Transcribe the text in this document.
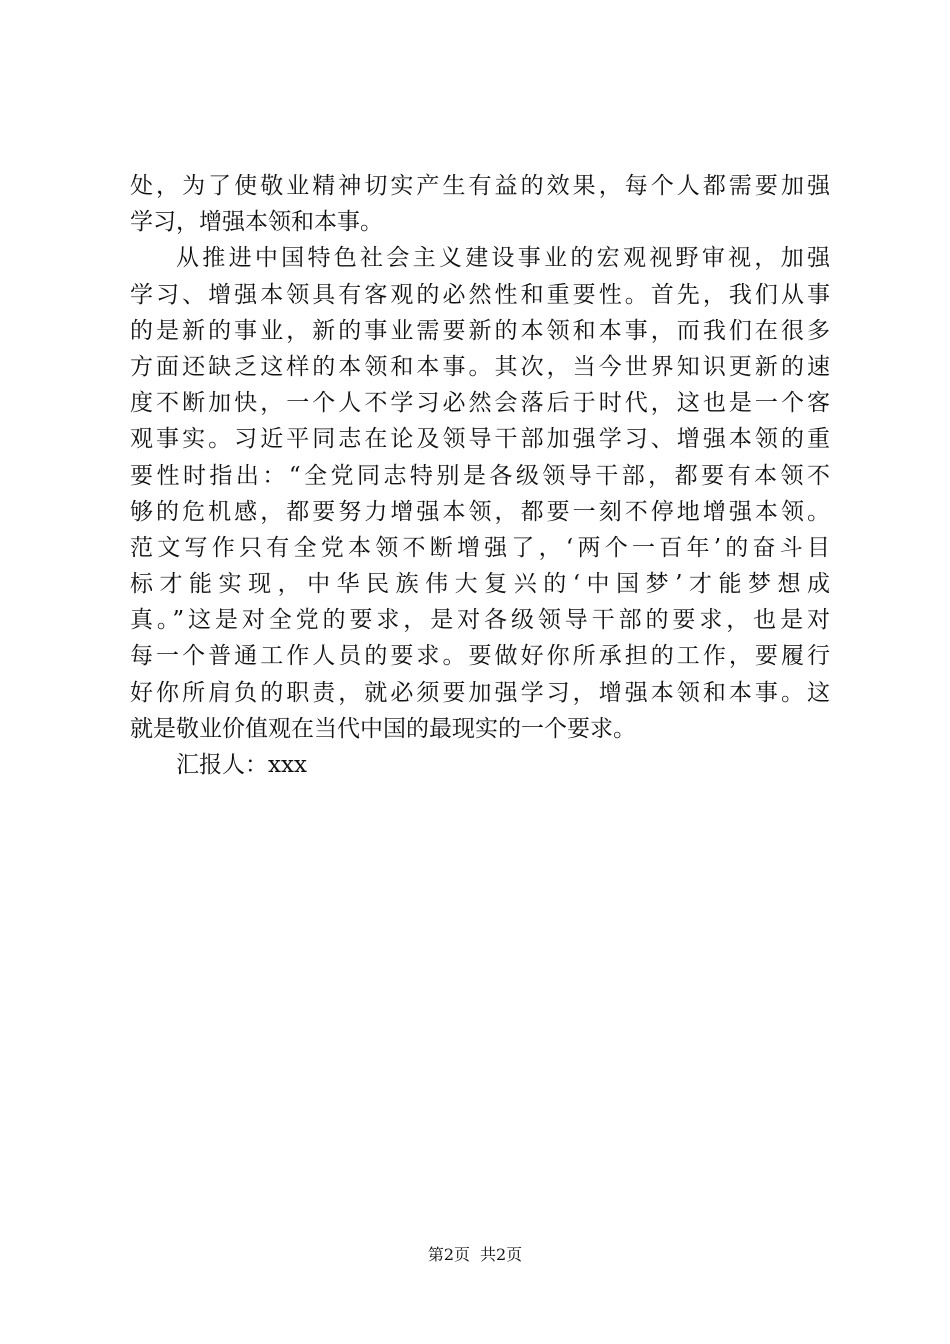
处，为了使敬业精神切实产生有益的效果，每个人都需要加强
学习，增强本领和本事。
从推进中国特色社会主义建设事业的宏观视野审视，加强
学习、增强本领具有客观的必然性和重要性。首先，我们从事
的是新的事业，新的事业需要新的本领和本事，而我们在很多
方面还缺乏这样的本领和本事。其次，当今世界知识更新的速
度不断加快，一个人不学习必然会落后于时代，这也是一个客
观事实。习近平同志在论及领导干部加强学习、增强本领的重
要性时指出：“全党同志特别是各级领导干部，都要有本领不
够的危机感，都要努力增强本领，都要一刻不停地增强本领。
范文写作只有全党本领不断增强了，‘两个一百年’的奋斗目
标才能实现，中华民族伟大复兴的‘中国梦’才能梦想成
真。”这是对全党的要求，是对各级领导干部的要求，也是对
每一个普通工作人员的要求。要做好你所承担的工作，要履行
好你所肩负的职责，就必须要加强学习，增强本领和本事。这
就是敬业价值观在当代中国的最现实的一个要求。
汇报人：xxx
第2页 共2页
